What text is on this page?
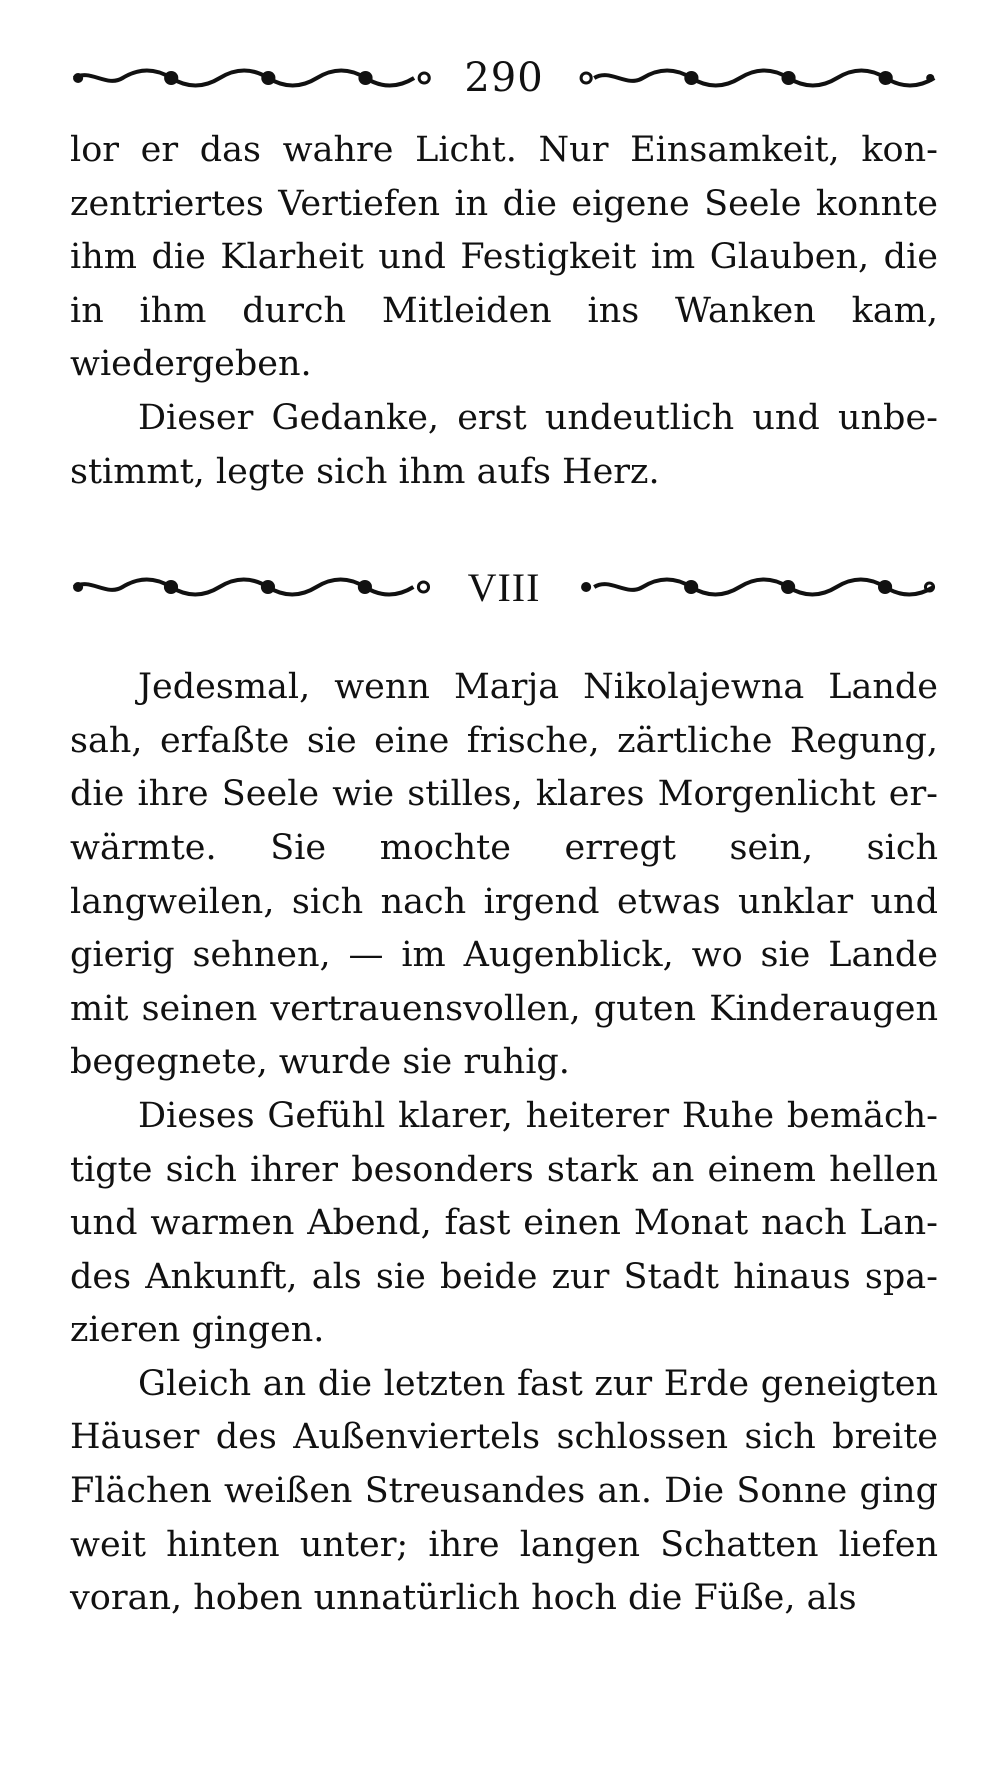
290

lor er das wahre Licht. Nur Einsamkeit, konzentriertes Vertiefen in die eigene Seele konnte ihm die Klarheit und Festigkeit im Glauben, die in ihm durch Mitleiden ins Wanken kam, wiedergeben.

Dieser Gedanke, erst undeutlich und unbestimmt, legte sich ihm aufs Herz.

VIII

Jedesmal, wenn Marja Nikolajewna Lande sah, erfaßte sie eine frische, zärtliche Regung, die ihre Seele wie stilles, klares Morgenlicht erwärmte. Sie mochte erregt sein, sich langweilen, sich nach irgend etwas unklar und gierig sehnen, — im Augenblick, wo sie Lande mit seinen vertrauensvollen, guten Kinderaugen begegnete, wurde sie ruhig.

Dieses Gefühl klarer, heiterer Ruhe bemächtigte sich ihrer besonders stark an einem hellen und warmen Abend, fast einen Monat nach Landes Ankunft, als sie beide zur Stadt hinaus spazieren gingen.

Gleich an die letzten fast zur Erde geneigten Häuser des Außenviertels schlossen sich breite Flächen weißen Streusandes an. Die Sonne ging weit hinten unter; ihre langen Schatten liefen voran, hoben unnatürlich hoch die Füße, als
